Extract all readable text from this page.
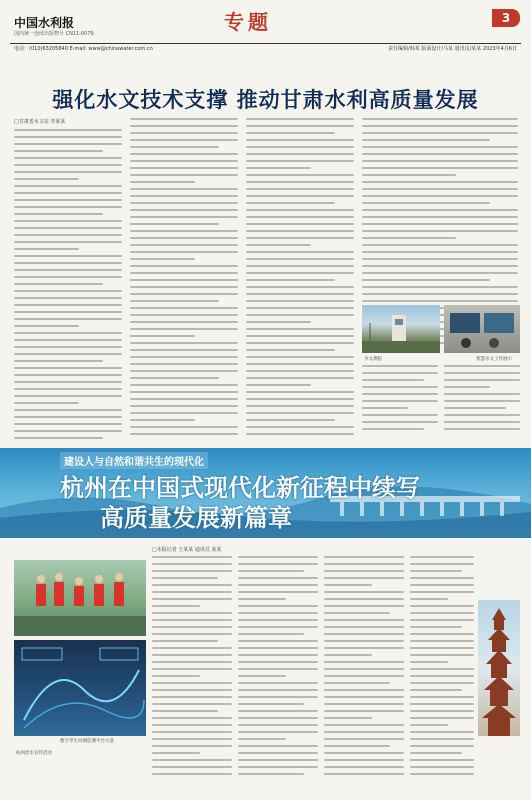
中国水利报
国内统一连续出版物号 CN11-0079	专题	3
电话：(010)63205840 E-mail: www@chinawater.com.cn	责任编辑/韩某 版面设计/马某 通讯员/某某 2023年4月6日
强化水文技术支撑 推动甘肃水利高质量发展
□甘肃省水文站 李某某
水文测验	智慧水文工作展示
建设人与自然和谐共生的现代化
杭州在中国式现代化新征程中续写
高质量发展新篇章
数字孪生河湖监测平台示意
杭州治水宣传活动
□本报记者 王某某 通讯员 某某
